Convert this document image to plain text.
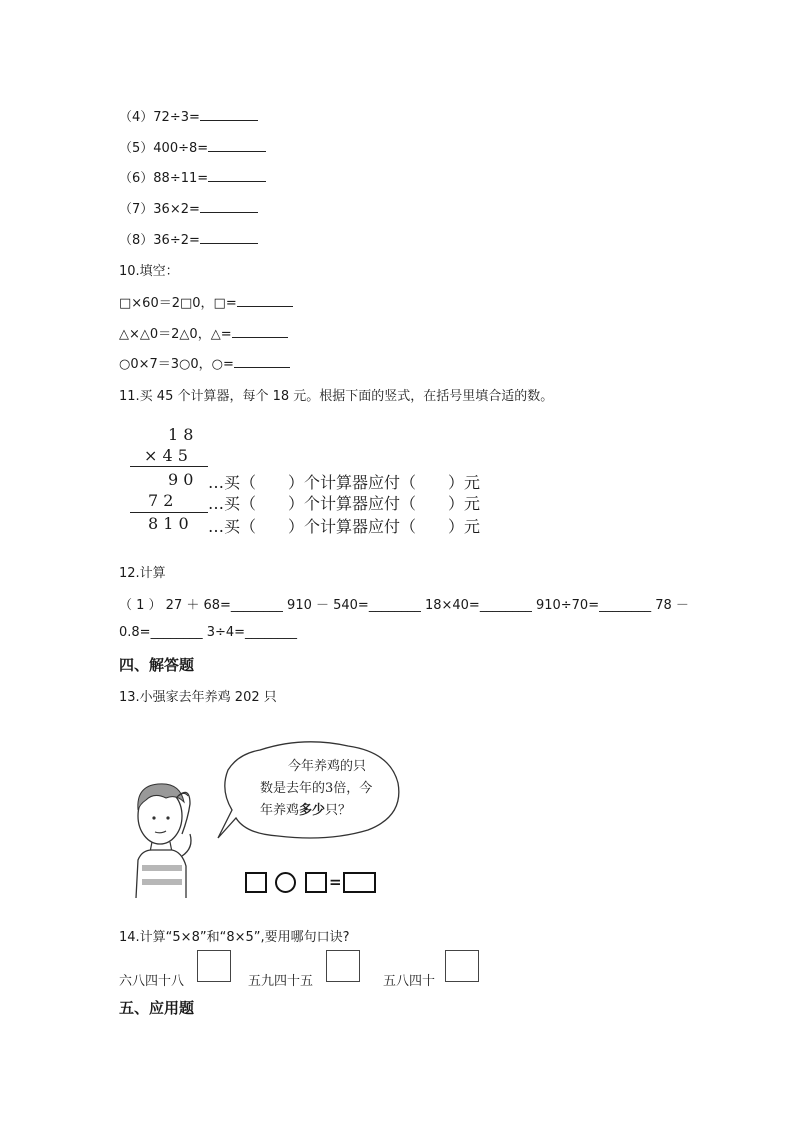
（4）72÷3=
（5）400÷8=
（6）88÷11=
（7）36×2=
（8）36÷2=
10.填空：
□×60＝2□0，□=
△×△0＝2△0，△=
○0×7＝3○0，○=
11.买 45 个计算器，每个 18 元。根据下面的竖式，在括号里填合适的数。
1 8
× 4 5
9 0 …买（　　）个计算器应付（　　）元
7 2 …买（　　）个计算器应付（　　）元
8 1 0 …买（　　）个计算器应付（　　）元
12.计算
（ 1 ） 27 ＋ 68=________ 910 － 540=________ 18×40=________ 910÷70=________ 78 －
0.8=________ 3÷4=________
四、解答题
13.小强家去年养鸡 202 只
今年养鸡的只
数是去年的3倍，今
年养鸡多少只？
=
14.计算“5×8”和“8×5”,要用哪句口诀?
六八四十八	五九四十五	五八四十
五、应用题
